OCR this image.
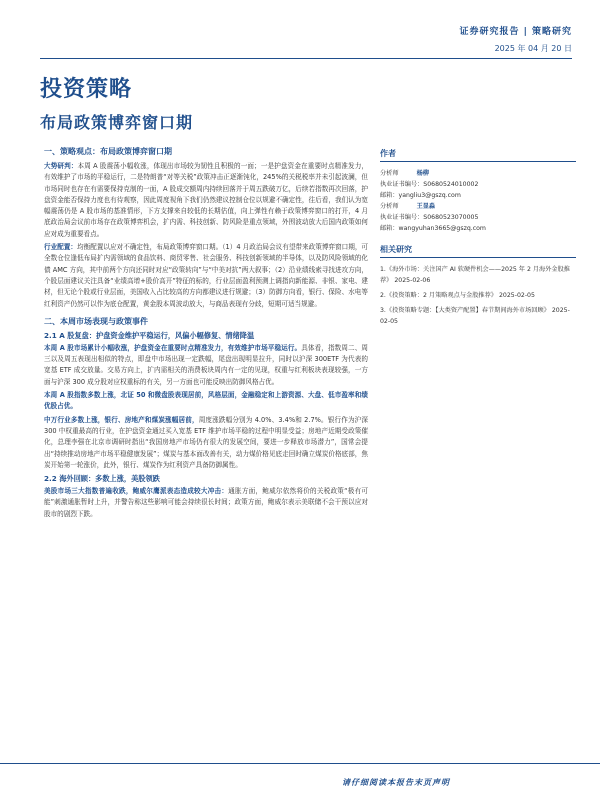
证券研究报告 | 策略研究
2025 年 04 月 20 日
投资策略
布局政策博弈窗口期
一、策略观点：布局政策博弈窗口期

大势研判：本周 A 股震荡小幅收涨，体现出市场较为韧性且积极的一面；一是护盘资金在重要时点精准发力，有效维护了市场的平稳运行，二是特朗普“对等关税”政策冲击正逐渐钝化，245%的关税税率并未引起波澜，但市场同时也存在有需要保持克制的一面，A 股成交额周内持续回落并于周五跌破万亿，后续若指数再次回落，护盘资金能否保持力度也有待观察，因此周度视角下我们仍然建议控制仓位以规避不确定性，往后看，我们认为宽幅震荡仍是 A 股市场的基准情形，下方支撑来自较低的长期估值，向上弹性有赖于政策博弈窗口的打开，4 月底政治局会议前市场存在政策博弈机会，扩内需、科技创新、防风险是重点领域，外围波动放大后国内政策如何应对成为重要看点。

行业配置：均衡配置以应对不确定性，布局政策博弈窗口期。（1）4 月政治局会议有望带来政策博弈窗口期，可全数仓位逢低布局扩内需领域的食品饮料、商贸零售、社会服务、科技创新领域的半导体，以及防风险领域的化债 AMC 方向，其中前两个方向还同时对应“政策转向”与“中美对抗”两大叙事；（2）沿业绩线索寻找进攻方向，个股层面建议关注具备“业绩高增+股价高开”特征的标的，行业层面盈利预测上调指向新能源、非银、家电、建材，但无论个股或行业层面，美国收入占比较高的方向都建议进行规避；（3）防御方向看，银行、保险、水电等红利资产仍然可以作为底仓配置，黄金股本周波动放大，与商品表现有分歧，短期可适当规避。

二、本周市场表现与政策事件
2.1 A 股复盘：护盘资金维护平稳运行，风偏小幅修复、情绪降温

本周 A 股市场累计小幅收涨，护盘资金在重要时点精准发力，有效维护市场平稳运行。具体看，指数周二、周三以及周五表现出相似的特点，即盘中市场出现一定跌幅，尾盘出现明显拉升，同时以沪深 300ETF 为代表的宽基 ETF 成交放量。交易方向上，扩内需相关的消费板块周内有一定的见现，权重与红利板块表现较强，一方面与沪深 300 成分股对应权重标的有关，另一方面也可能反映出防御风格占优。

本周 A 股指数多数上涨，北证 50 和微盘股表现居前，风格层面，金融稳定和上游资源、大盘、低市盈率和绩优股占优。

中万行业多数上涨，银行、房地产和煤炭涨幅居前，周度涨跌幅分别为 4.0%、3.4%和 2.7%。银行作为沪深 300 中权重最高的行业，在护盘资金通过买入宽基 ETF 维护市场平稳的过程中明显受益；房地产近期受政策催化，总理李强在北京市调研时指出“我国房地产市场仍有很大的发展空间，要进一步释放市场潜力”，国常会提出“持续推动房地产市场平稳健康发展”；煤炭与基本面改善有关，动力煤价格见底走回时确立煤炭价格底部，焦炭开始第一轮涨价，此外，银行、煤炭作为红利资产具备防御属性。

2.2 海外回顾：多数上涨，美股领跌

美股市场三大指数普遍收跌，鲍威尔鹰派表态造成较大冲击：通胀方面，鲍威尔依然将价的关税政策“极有可能”刺激通胀暂时上升，并警告称这些影响可能会持续很长时间；政策方面，鲍威尔表示美联储不会干预以应对股市的剧烈下跌。

作者
分析师	杨柳
执业证书编号：S0680524010002
邮箱：yangliu3@gszq.com
分析师	王显淼
执业证书编号：S0680523070005
邮箱：wangyuhan3665@gszq.com
相关研究
1.《海外市场：关注国产 AI 软硬件机会——2025 年 2 月海外金股推荐》 2025-02-06
2.《投资策略：2 月策略观点与金股推荐》 2025-02-05
3.《投资策略专题：【大类资产配置】春节期间海外市场回顾》 2025-02-05
请仔细阅读本报告末页声明
